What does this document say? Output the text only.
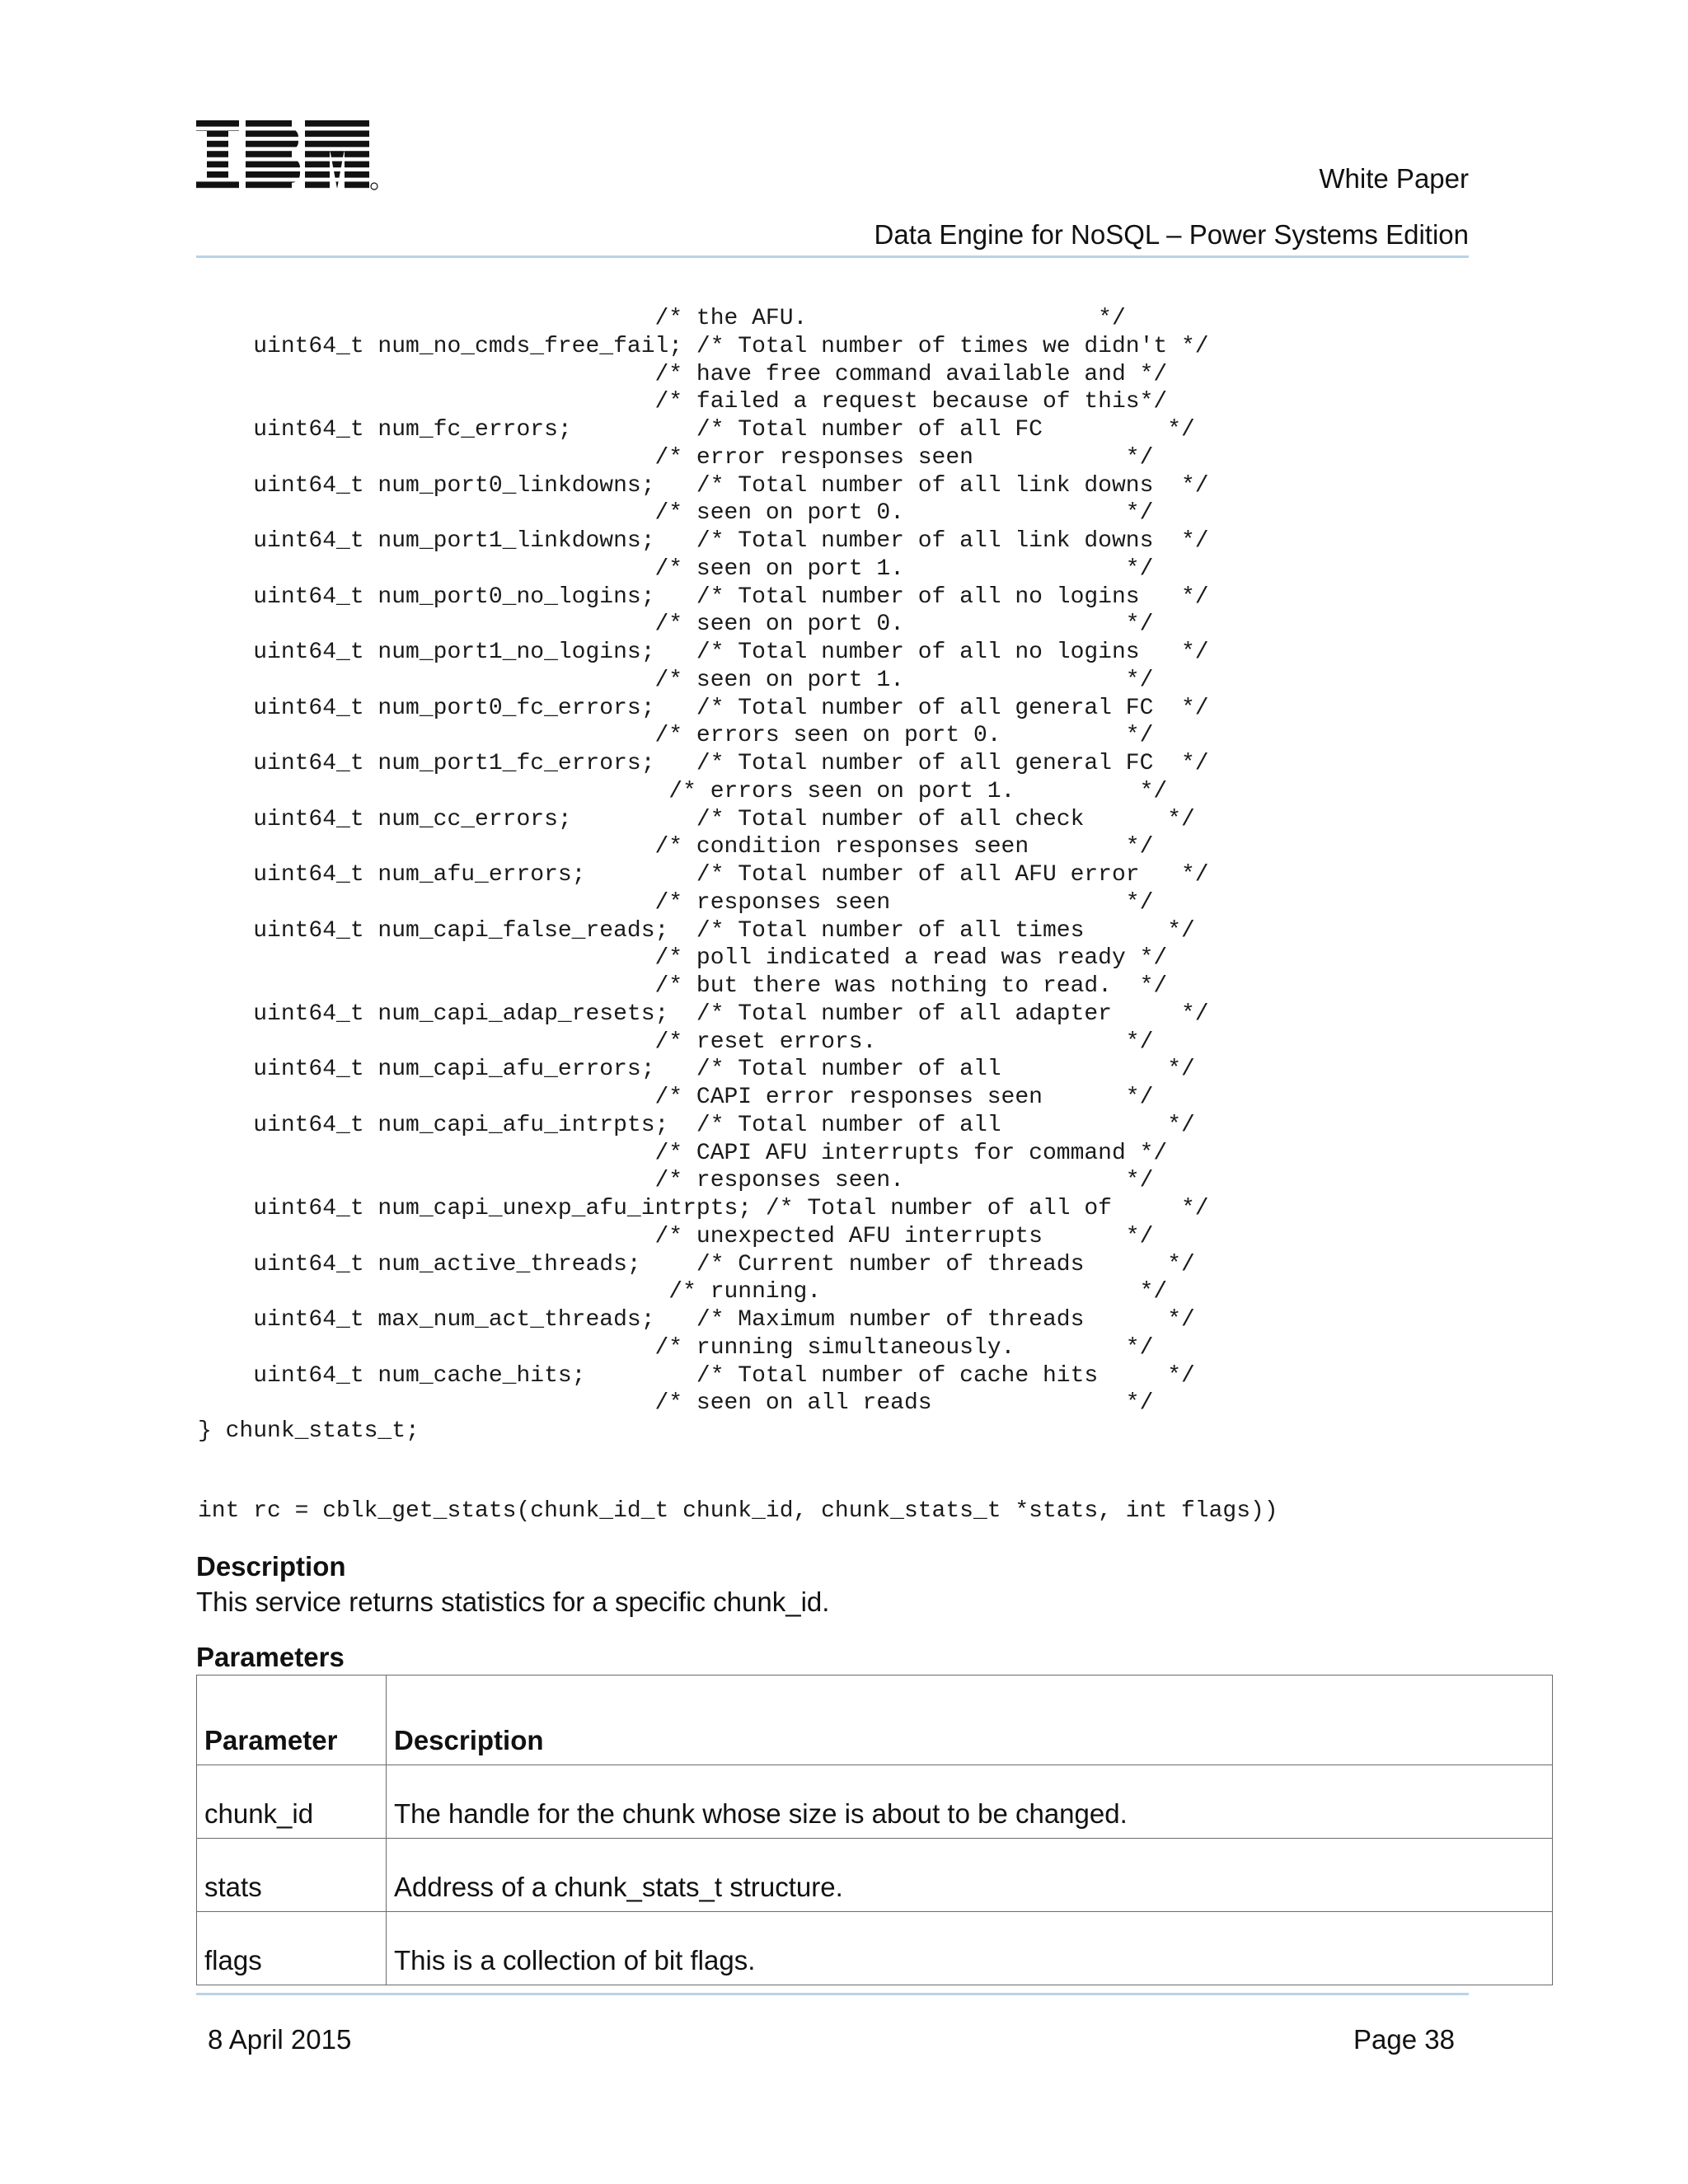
White Paper
Data Engine for NoSQL – Power Systems Edition
/* the AFU.                     */
uint64_t num_no_cmds_free_fail; /* Total number of times we didn't */
/* have free command available and */
/* failed a request because of this*/
uint64_t num_fc_errors;         /* Total number of all FC         */
/* error responses seen           */
uint64_t num_port0_linkdowns;   /* Total number of all link downs  */
/* seen on port 0.                */
uint64_t num_port1_linkdowns;   /* Total number of all link downs  */
/* seen on port 1.                */
uint64_t num_port0_no_logins;   /* Total number of all no logins   */
/* seen on port 0.                */
uint64_t num_port1_no_logins;   /* Total number of all no logins   */
/* seen on port 1.                */
uint64_t num_port0_fc_errors;   /* Total number of all general FC  */
/* errors seen on port 0.         */
uint64_t num_port1_fc_errors;   /* Total number of all general FC  */
/* errors seen on port 1.         */
uint64_t num_cc_errors;         /* Total number of all check      */
/* condition responses seen       */
uint64_t num_afu_errors;        /* Total number of all AFU error   */
/* responses seen                 */
uint64_t num_capi_false_reads;  /* Total number of all times      */
/* poll indicated a read was ready */
/* but there was nothing to read.  */
uint64_t num_capi_adap_resets;  /* Total number of all adapter     */
/* reset errors.                  */
uint64_t num_capi_afu_errors;   /* Total number of all            */
/* CAPI error responses seen      */
uint64_t num_capi_afu_intrpts;  /* Total number of all            */
/* CAPI AFU interrupts for command */
/* responses seen.                */
uint64_t num_capi_unexp_afu_intrpts; /* Total number of all of     */
/* unexpected AFU interrupts      */
uint64_t num_active_threads;    /* Current number of threads      */
/* running.                       */
uint64_t max_num_act_threads;   /* Maximum number of threads      */
/* running simultaneously.        */
uint64_t num_cache_hits;        /* Total number of cache hits     */
/* seen on all reads              */
} chunk_stats_t;
int rc = cblk_get_stats(chunk_id_t chunk_id, chunk_stats_t *stats, int flags))
Description
This service returns statistics for a specific chunk_id.
Parameters
Parameter	Description
chunk_id	The handle for the chunk whose size is about to be changed.
stats	Address of a chunk_stats_t structure.
flags	This is a collection of bit flags.
8 April 2015	Page 38
